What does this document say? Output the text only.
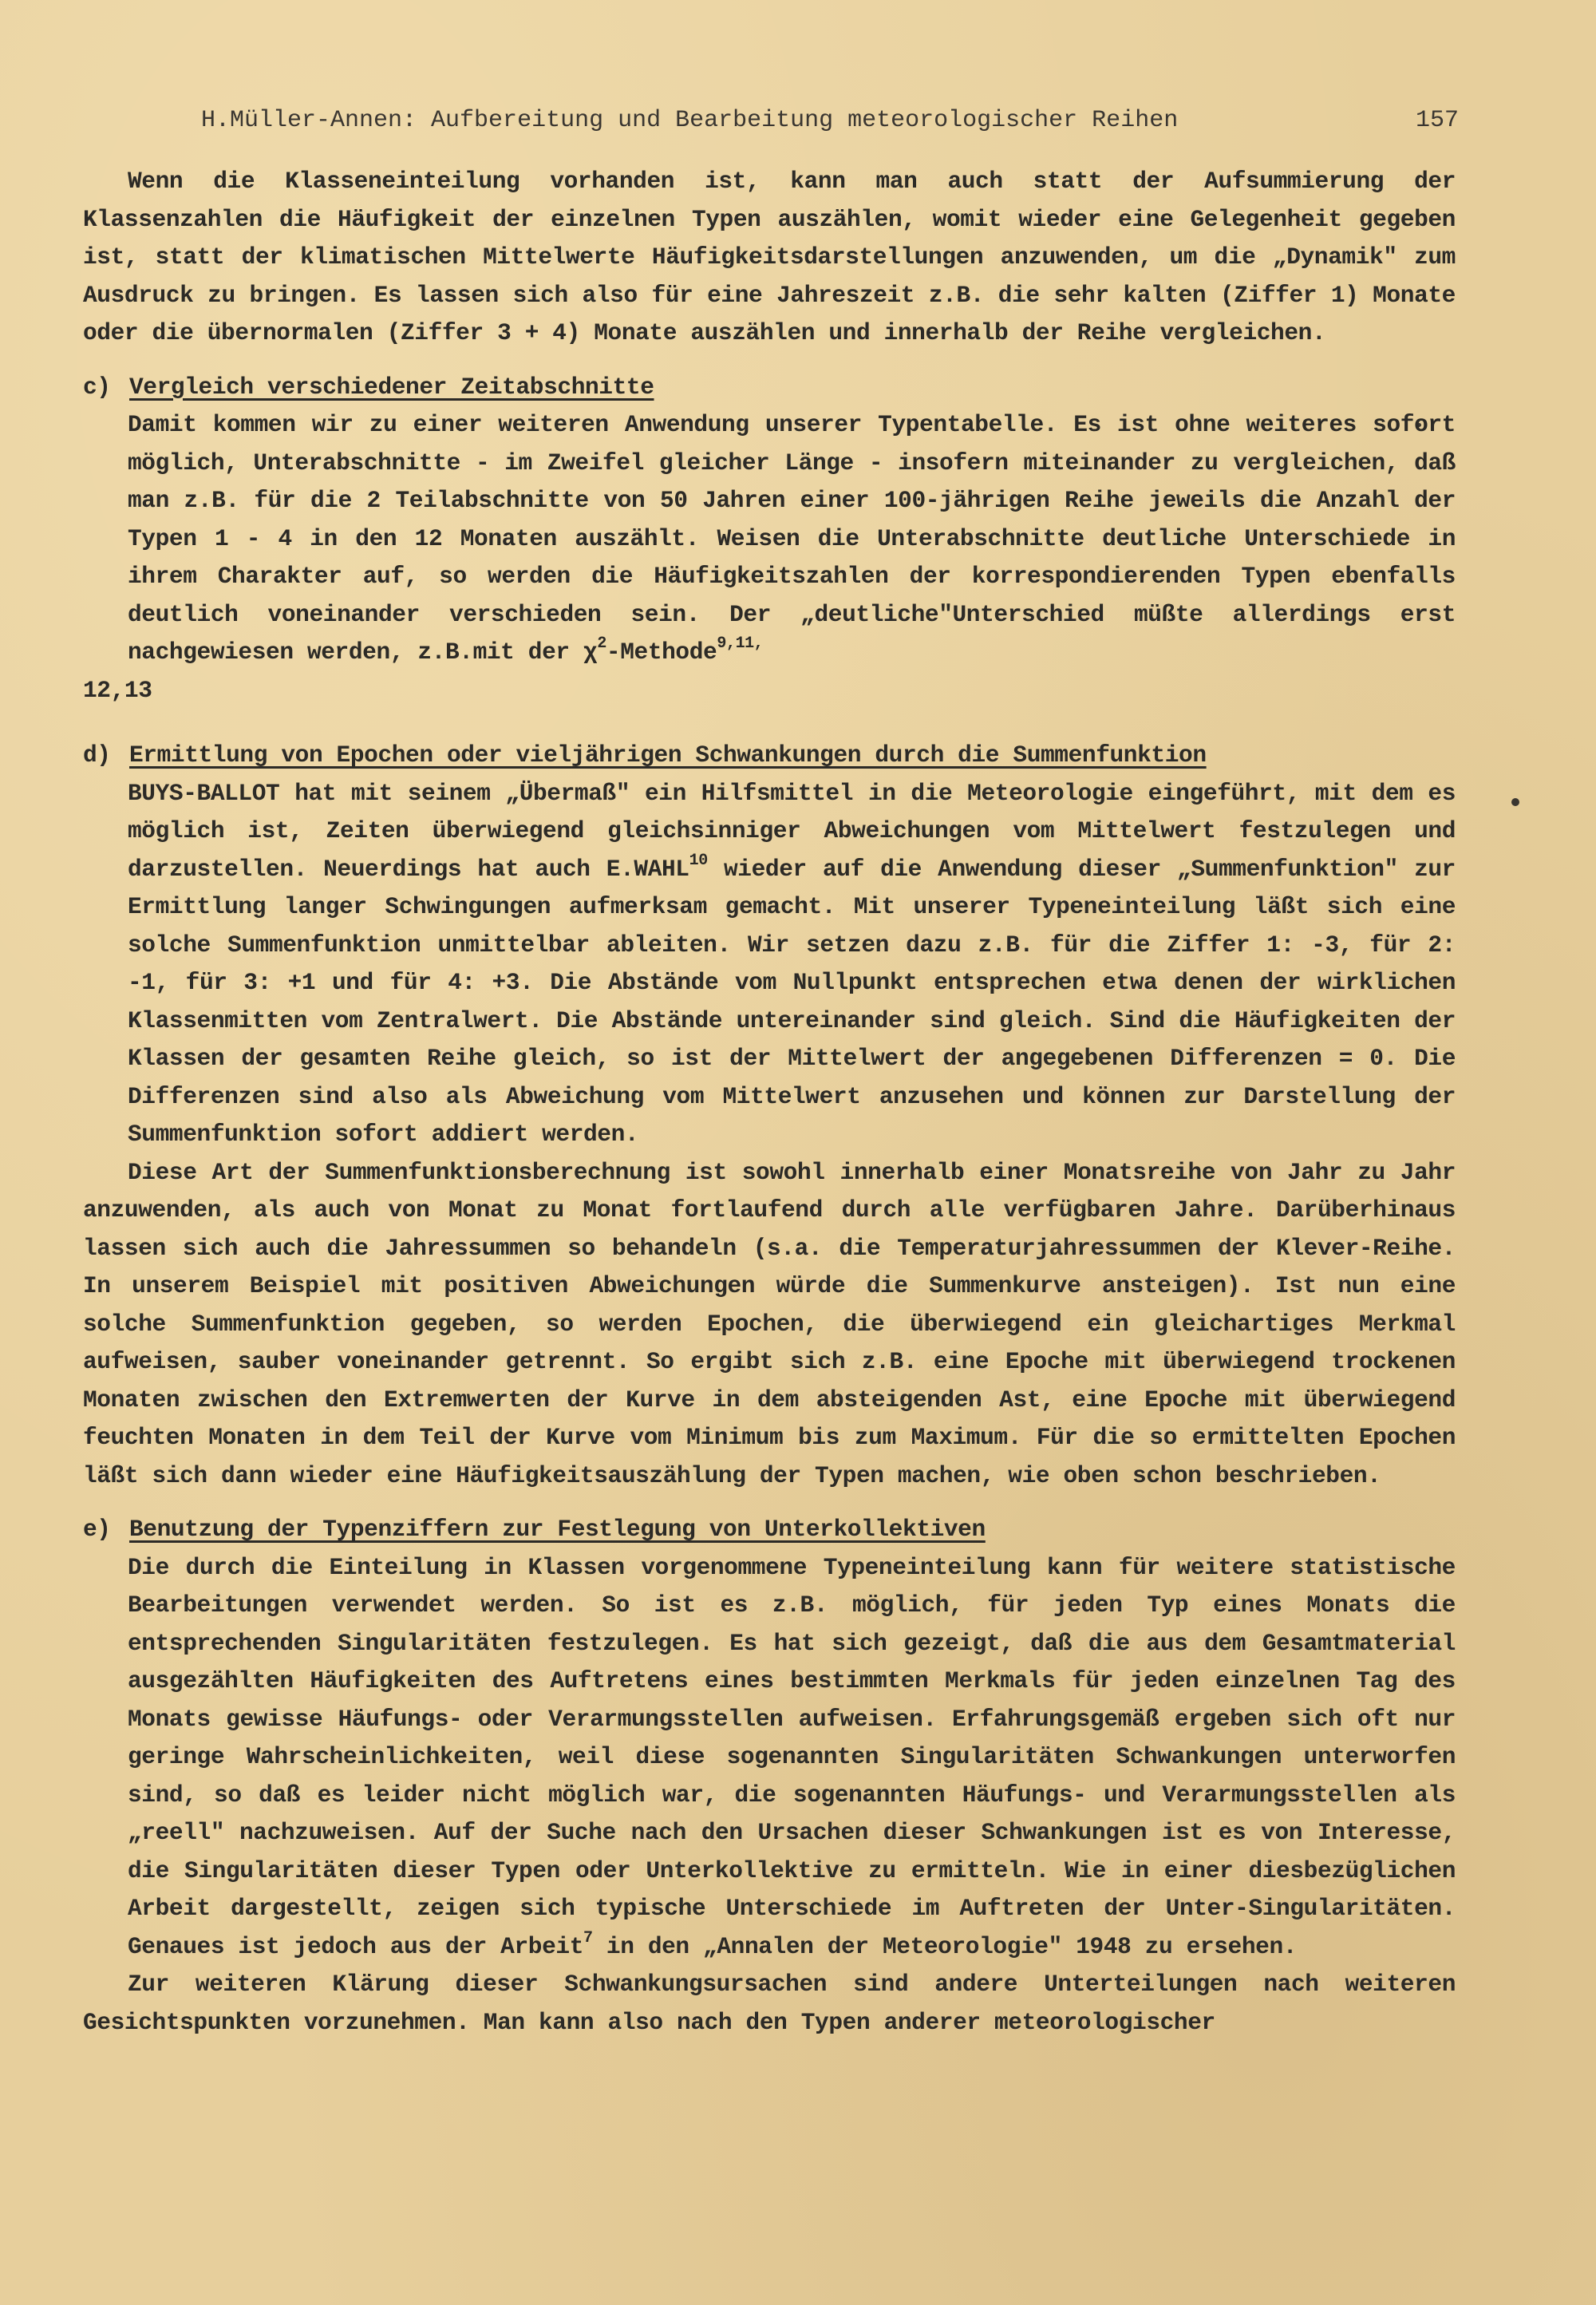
H.Müller-Annen: Aufbereitung und Bearbeitung meteorologischer Reihen	157

Wenn die Klasseneinteilung vorhanden ist, kann man auch statt der Aufsummierung der Klassenzahlen die Häufigkeit der einzelnen Typen auszählen, womit wieder eine Gelegenheit gegeben ist, statt der klimatischen Mittelwerte Häufigkeitsdarstellungen anzuwenden, um die „Dynamik" zum Ausdruck zu bringen. Es lassen sich also für eine Jahreszeit z.B. die sehr kalten (Ziffer 1) Monate oder die übernormalen (Ziffer 3 + 4) Monate auszählen und innerhalb der Reihe vergleichen.

c) Vergleich verschiedener Zeitabschnitte

Damit kommen wir zu einer weiteren Anwendung unserer Typentabelle. Es ist ohne weiteres sofort möglich, Unterabschnitte - im Zweifel gleicher Länge - insofern miteinander zu vergleichen, daß man z.B. für die 2 Teilabschnitte von 50 Jahren einer 100-jährigen Reihe jeweils die Anzahl der Typen 1 - 4 in den 12 Monaten auszählt. Weisen die Unterabschnitte deutliche Unterschiede in ihrem Charakter auf, so werden die Häufigkeitszahlen der korrespondierenden Typen ebenfalls deutlich voneinander verschieden sein. Der „deutliche"Unterschied müßte allerdings erst nachgewiesen werden, z.B.mit der $\chi^2-Methode^{9,11,}$

12,13

d) Ermittlung von Epochen oder vieljährigen Schwankungen durch die Summenfunktion

BUYS-BALLOT hat mit seinem „Übermaß" ein Hilfsmittel in die Meteorologie eingeführt, mit dem es möglich ist, Zeiten überwiegend gleichsinniger Abweichungen vom Mittelwert festzulegen und darzustellen. Neuerdings hat auch E.WAHL$^{10}$ wieder auf die Anwendung dieser „Summenfunktion" zur Ermittlung langer Schwingungen aufmerksam gemacht. Mit unserer Typeneinteilung läßt sich eine solche Summenfunktion unmittelbar ableiten. Wir setzen dazu z.B. für die Ziffer 1: -3, für 2: -1, für 3: +1 und für 4: +3. Die Abstände vom Nullpunkt entsprechen etwa denen der wirklichen Klassenmitten vom Zentralwert. Die Abstände untereinander sind gleich. Sind die Häufigkeiten der Klassen der gesamten Reihe gleich, so ist der Mittelwert der angegebenen Differenzen = 0. Die Differenzen sind also als Abweichung vom Mittelwert anzusehen und können zur Darstellung der Summenfunktion sofort addiert werden.

Diese Art der Summenfunktionsberechnung ist sowohl innerhalb einer Monatsreihe von Jahr zu Jahr anzuwenden, als auch von Monat zu Monat fortlaufend durch alle verfügbaren Jahre. Darüberhinaus lassen sich auch die Jahressummen so behandeln (s.a. die Temperaturjahressummen der Klever-Reihe. In unserem Beispiel mit positiven Abweichungen würde die Summenkurve ansteigen). Ist nun eine solche Summenfunktion gegeben, so werden Epochen, die überwiegend ein gleichartiges Merkmal aufweisen, sauber voneinander getrennt. So ergibt sich z.B. eine Epoche mit überwiegend trockenen Monaten zwischen den Extremwerten der Kurve in dem absteigenden Ast, eine Epoche mit überwiegend feuchten Monaten in dem Teil der Kurve vom Minimum bis zum Maximum. Für die so ermittelten Epochen läßt sich dann wieder eine Häufigkeitsauszählung der Typen machen, wie oben schon beschrieben.

e) Benutzung der Typenziffern zur Festlegung von Unterkollektiven

Die durch die Einteilung in Klassen vorgenommene Typeneinteilung kann für weitere statistische Bearbeitungen verwendet werden. So ist es z.B. möglich, für jeden Typ eines Monats die entsprechenden Singularitäten festzulegen. Es hat sich gezeigt, daß die aus dem Gesamtmaterial ausgezählten Häufigkeiten des Auftretens eines bestimmten Merkmals für jeden einzelnen Tag des Monats gewisse Häufungs- oder Verarmungsstellen aufweisen. Erfahrungsgemäß ergeben sich oft nur geringe Wahrscheinlichkeiten, weil diese sogenannten Singularitäten Schwankungen unterworfen sind, so daß es leider nicht möglich war, die sogenannten Häufungs- und Verarmungsstellen als „reell" nachzuweisen. Auf der Suche nach den Ursachen dieser Schwankungen ist es von Interesse, die Singularitäten dieser Typen oder Unterkollektive zu ermitteln. Wie in einer diesbezüglichen Arbeit dargestellt, zeigen sich typische Unterschiede im Auftreten der Unter-Singularitäten. Genaues ist jedoch aus der Arbeit$^7$ in den „Annalen der Meteorologie" 1948 zu ersehen.

Zur weiteren Klärung dieser Schwankungsursachen sind andere Unterteilungen nach weiteren Gesichtspunkten vorzunehmen. Man kann also nach den Typen anderer meteorologischer
